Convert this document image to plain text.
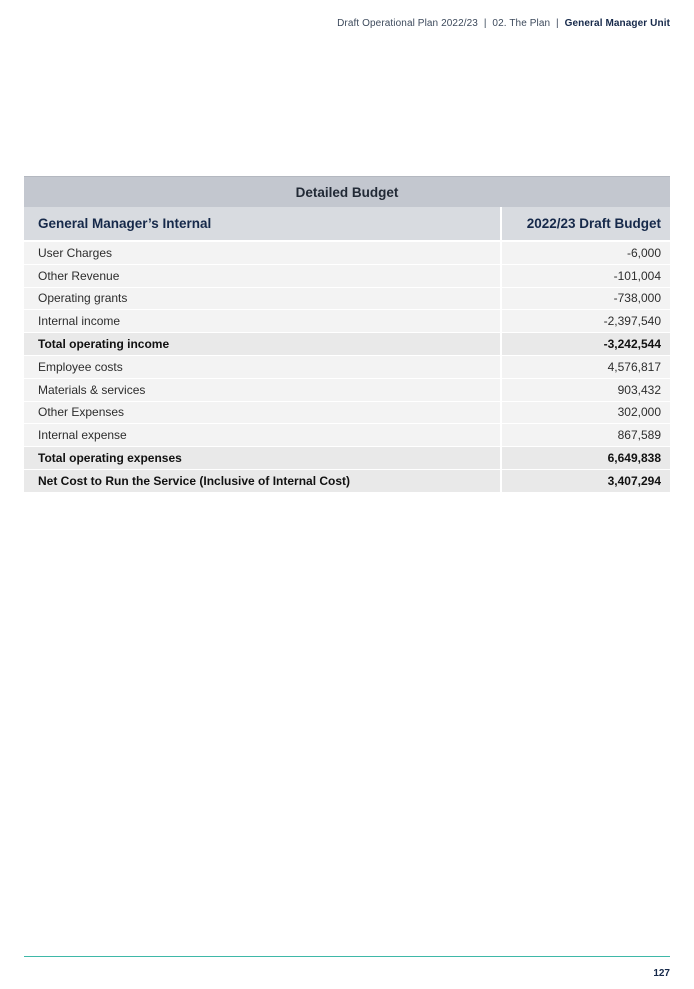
Draft Operational Plan 2022/23 | 02. The Plan | General Manager Unit
Detailed Budget	
General Manager’s Internal	2022/23 Draft Budget
User Charges	-6,000
Other Revenue	-101,004
Operating grants	-738,000
Internal income	-2,397,540
Total operating income	-3,242,544
Employee costs	4,576,817
Materials & services	903,432
Other Expenses	302,000
Internal expense	867,589
Total operating expenses	6,649,838
Net Cost to Run the Service (Inclusive of Internal Cost)	3,407,294
127
